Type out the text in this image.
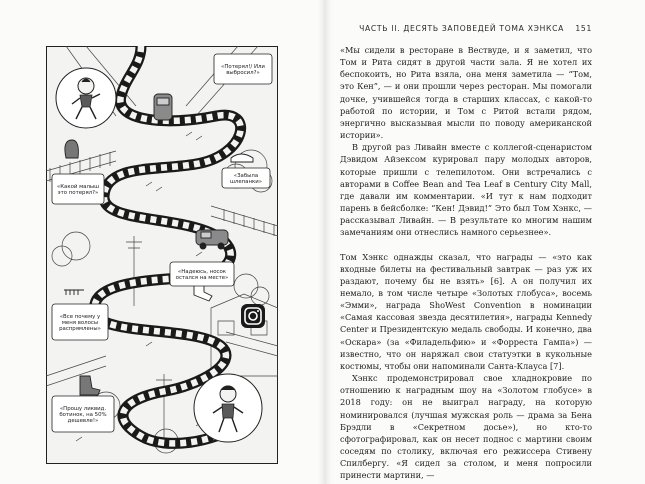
«Потерял!/ Или выбросил?»
«Какой малыш это потерял?»
«Забыла шлепанки»
«Надеюсь, носок остался на месте»
«Все почему у меня волосы распрямлены»
«Прошу ликвид. ботинок, на 50% дешевле!»
ЧАСТЬ II. ДЕСЯТЬ ЗАПОВЕДЕЙ ТОМА ХЭНКСА 151

«Мы сидели в ресторане в Вествуде, и я заметил, что Том и Рита сидят в другой части зала. Я не хотел их беспокоить, но Рита взяла, она меня заметила — “Том, это Кен”, — и они прошли через ресторан. Мы помогали дочке, учившейся тогда в старших классах, с какой-то работой по истории, и Том с Ритой встали рядом, энергично высказывая мысли по поводу американской истории».

В другой раз Ливайн вместе с коллегой-сценаристом Дэвидом Айзексом курировал пару молодых авторов, которые пришли с телепилотом. Они встречались с авторами в Coffee Bean and Tea Leaf в Century City Mall, где давали им комментарии. «И тут к нам подходит парень в бейсболке: “Кен! Дэвид!” Это был Том Хэнкс, — рассказывал Ливайн. — В результате ко многим нашим замечаниям они отнеслись намного серьезнее».

Том Хэнкс однажды сказал, что награды — «это как входные билеты на фестивальный завтрак — раз уж их раздают, почему бы не взять» [6]. А он получил их немало, в том числе четыре «Золотых глобуса», восемь «Эмми», награда ShoWest Convention в номинации «Самая кассовая звезда десятилетия», награды Kennedy Center и Президентскую медаль свободы. И конечно, два «Оскара» (за «Филадельфию» и «Форреста Гампа») — известно, что он наряжал свои статуэтки в кукольные костюмы, чтобы они напоминали Санта-Клауса [7].

Хэнкс продемонстрировал свое хладнокровие по отношению к наградным шоу на «Золотом глобусе» в 2018 году: он не выиграл награду, на которую номинировался (лучшая мужская роль — драма за Бена Брэдли в «Секретном досье»), но кто-то сфотографировал, как он несет поднос с мартини своим соседям по столику, включая его режиссера Стивену Спилбергу. «Я сидел за столом, и меня попросили принести мартини, —
